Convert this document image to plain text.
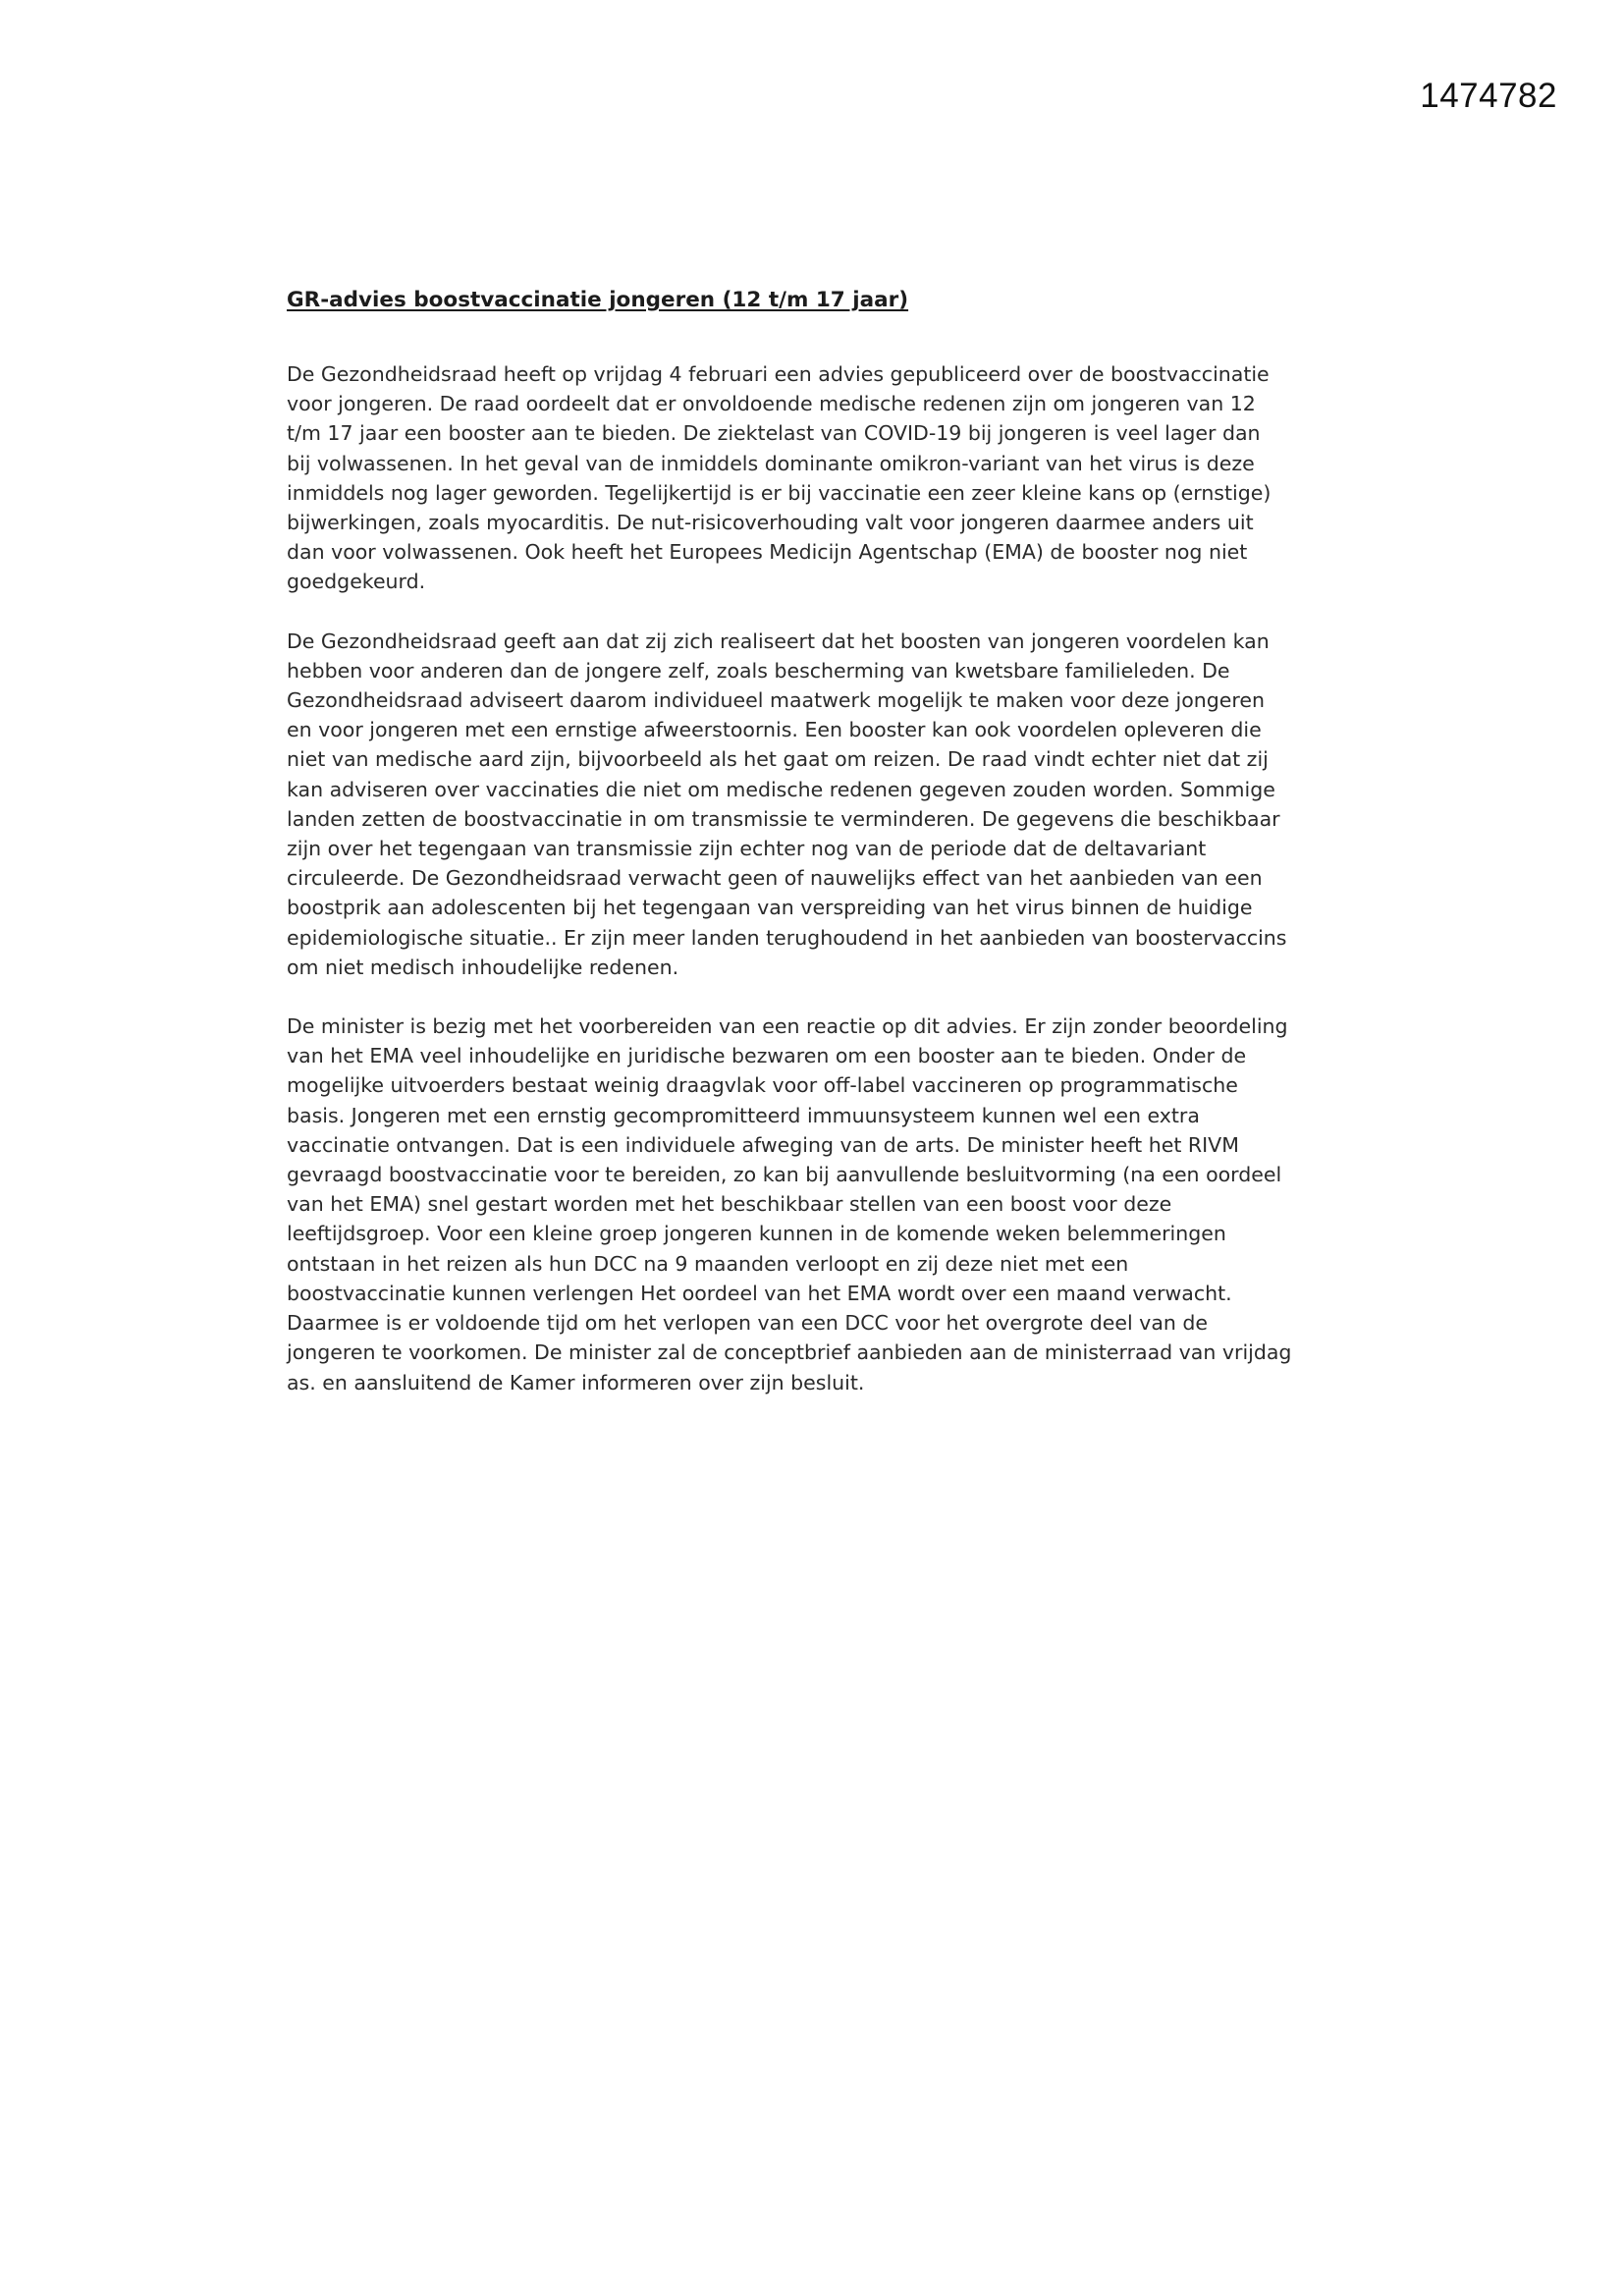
1474782
GR-advies boostvaccinatie jongeren (12 t/m 17 jaar)

De Gezondheidsraad heeft op vrijdag 4 februari een advies gepubliceerd over de boostvaccinatie
voor jongeren. De raad oordeelt dat er onvoldoende medische redenen zijn om jongeren van 12
t/m 17 jaar een booster aan te bieden. De ziektelast van COVID-19 bij jongeren is veel lager dan
bij volwassenen. In het geval van de inmiddels dominante omikron-variant van het virus is deze
inmiddels nog lager geworden. Tegelijkertijd is er bij vaccinatie een zeer kleine kans op (ernstige)
bijwerkingen, zoals myocarditis. De nut-risicoverhouding valt voor jongeren daarmee anders uit
dan voor volwassenen. Ook heeft het Europees Medicijn Agentschap (EMA) de booster nog niet
goedgekeurd.

De Gezondheidsraad geeft aan dat zij zich realiseert dat het boosten van jongeren voordelen kan
hebben voor anderen dan de jongere zelf, zoals bescherming van kwetsbare familieleden. De
Gezondheidsraad adviseert daarom individueel maatwerk mogelijk te maken voor deze jongeren
en voor jongeren met een ernstige afweerstoornis. Een booster kan ook voordelen opleveren die
niet van medische aard zijn, bijvoorbeeld als het gaat om reizen. De raad vindt echter niet dat zij
kan adviseren over vaccinaties die niet om medische redenen gegeven zouden worden. Sommige
landen zetten de boostvaccinatie in om transmissie te verminderen. De gegevens die beschikbaar
zijn over het tegengaan van transmissie zijn echter nog van de periode dat de deltavariant
circuleerde. De Gezondheidsraad verwacht geen of nauwelijks effect van het aanbieden van een
boostprik aan adolescenten bij het tegengaan van verspreiding van het virus binnen de huidige
epidemiologische situatie.. Er zijn meer landen terughoudend in het aanbieden van boostervaccins
om niet medisch inhoudelijke redenen.

De minister is bezig met het voorbereiden van een reactie op dit advies. Er zijn zonder beoordeling
van het EMA veel inhoudelijke en juridische bezwaren om een booster aan te bieden. Onder de
mogelijke uitvoerders bestaat weinig draagvlak voor off-label vaccineren op programmatische
basis. Jongeren met een ernstig gecompromitteerd immuunsysteem kunnen wel een extra
vaccinatie ontvangen. Dat is een individuele afweging van de arts. De minister heeft het RIVM
gevraagd boostvaccinatie voor te bereiden, zo kan bij aanvullende besluitvorming (na een oordeel
van het EMA) snel gestart worden met het beschikbaar stellen van een boost voor deze
leeftijdsgroep. Voor een kleine groep jongeren kunnen in de komende weken belemmeringen
ontstaan in het reizen als hun DCC na 9 maanden verloopt en zij deze niet met een
boostvaccinatie kunnen verlengen Het oordeel van het EMA wordt over een maand verwacht.
Daarmee is er voldoende tijd om het verlopen van een DCC voor het overgrote deel van de
jongeren te voorkomen. De minister zal de conceptbrief aanbieden aan de ministerraad van vrijdag
as. en aansluitend de Kamer informeren over zijn besluit.
